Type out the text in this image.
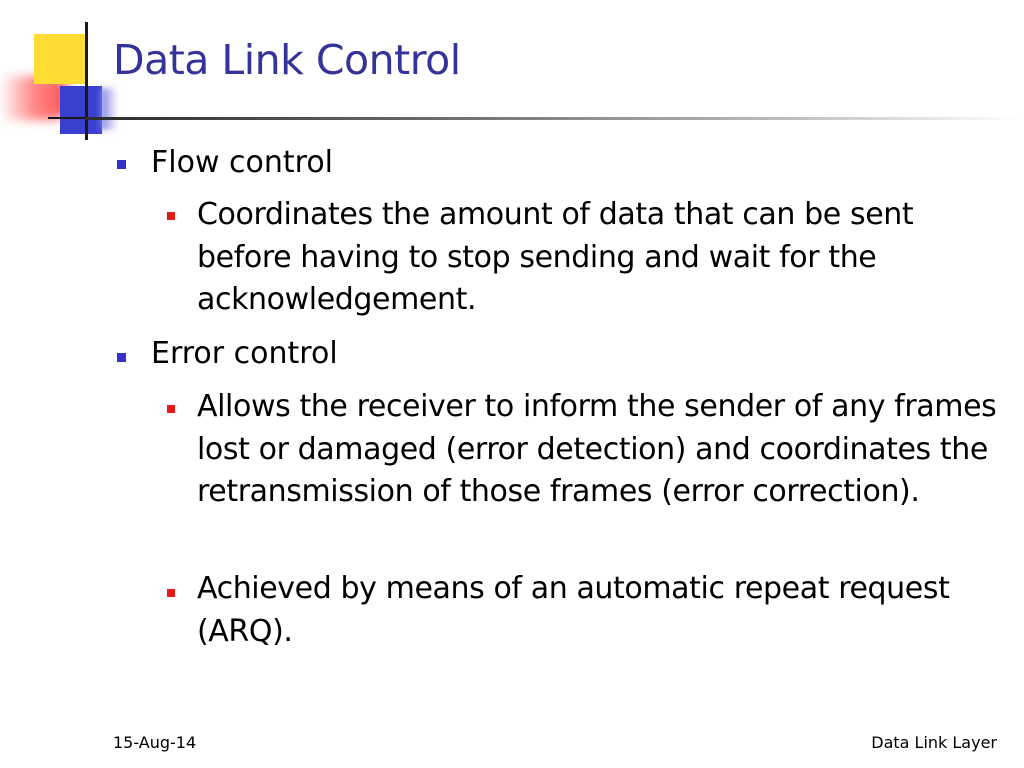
Data Link Control
Flow control
Coordinates the amount of data that can be sent before having to stop sending and wait for the acknowledgement.
Error control
Allows the receiver to inform the sender of any frames lost or damaged (error detection) and coordinates the retransmission of those frames (error correction).
Achieved by means of an automatic repeat request (ARQ).
15-Aug-14	Data Link Layer
